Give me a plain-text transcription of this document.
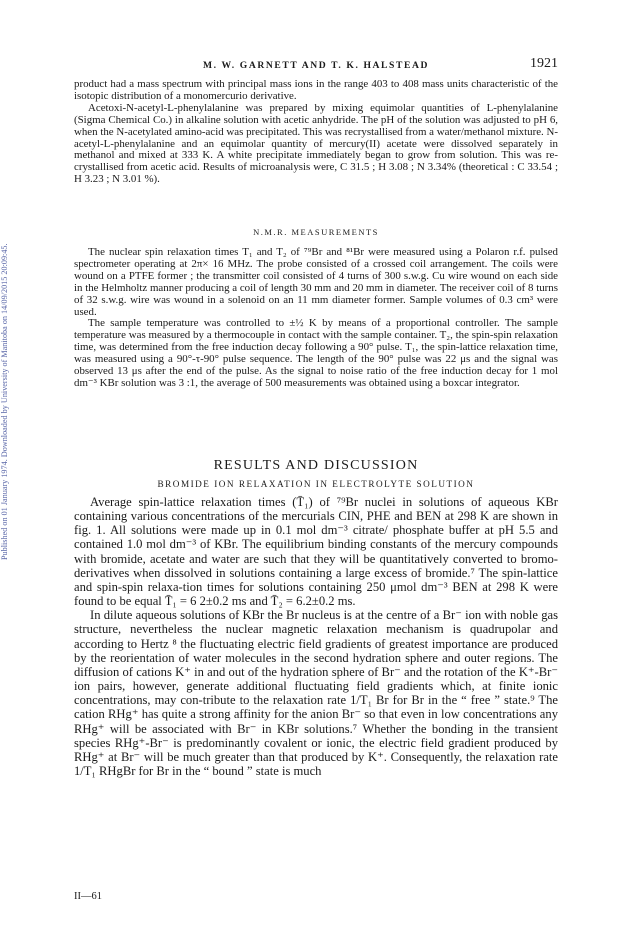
Published on 01 January 1974. Downloaded by University of Manitoba on 14/09/2015 20:09:45.
M. W. GARNETT AND T. K. HALSTEAD	1921

product had a mass spectrum with principal mass ions in the range 403 to 408 mass units characteristic of the isotopic distribution of a monomercurio derivative.

Acetoxi-N-acetyl-L-phenylalanine was prepared by mixing equimolar quantities of L-phenylalanine (Sigma Chemical Co.) in alkaline solution with acetic anhydride. The pH of the solution was adjusted to pH 6, when the N-acetylated amino-acid was precipitated. This was recrystallised from a water/methanol mixture. N-acetyl-L-phenylalanine and an equimolar quantity of mercury(II) acetate were dissolved separately in methanol and mixed at 333 K. A white precipitate immediately began to grow from solution. This was re-crystallised from acetic acid. Results of microanalysis were, C 31.5 ; H 3.08 ; N 3.34% (theoretical : C 33.54 ; H 3.23 ; N 3.01 %).

N.M.R. MEASUREMENTS

The nuclear spin relaxation times T₁ and T₂ of ⁷⁹Br and ⁸¹Br were measured using a Polaron r.f. pulsed spectrometer operating at 2π× 16 MHz. The probe consisted of a crossed coil arrangement. The coils were wound on a PTFE former ; the transmitter coil consisted of 4 turns of 300 s.w.g. Cu wire wound on each side in the Helmholtz manner producing a coil of length 30 mm and 20 mm in diameter. The receiver coil of 8 turns of 32 s.w.g. wire was wound in a solenoid on an 11 mm diameter former. Sample volumes of 0.3 cm³ were used.

The sample temperature was controlled to ±½ K by means of a proportional controller. The sample temperature was measured by a thermocouple in contact with the sample container. T₂, the spin-spin relaxation time, was determined from the free induction decay following a 90° pulse. T₁, the spin-lattice relaxation time, was measured using a 90°-τ-90° pulse sequence. The length of the 90° pulse was 22 μs and the signal was observed 13 μs after the end of the pulse. As the signal to noise ratio of the free induction decay for 1 mol dm⁻³ KBr solution was 3 :1, the average of 500 measurements was obtained using a boxcar integrator.

RESULTS AND DISCUSSION

BROMIDE ION RELAXATION IN ELECTROLYTE SOLUTION

Average spin-lattice relaxation times (T̄₁) of ⁷⁹Br nuclei in solutions of aqueous KBr containing various concentrations of the mercurials CIN, PHE and BEN at 298 K are shown in fig. 1. All solutions were made up in 0.1 mol dm⁻³ citrate/ phosphate buffer at pH 5.5 and contained 1.0 mol dm⁻³ of KBr. The equilibrium binding constants of the mercury compounds with bromide, acetate and water are such that they will be quantitatively converted to bromo-derivatives when dissolved in solutions containing a large excess of bromide.⁷ The spin-lattice and spin-spin relaxa-tion times for solutions containing 250 μmol dm⁻³ BEN at 298 K were found to be equal T̄₁ = 6 2±0.2 ms and T̄₂ = 6.2±0.2 ms.

In dilute aqueous solutions of KBr the Br nucleus is at the centre of a Br⁻ ion with noble gas structure, nevertheless the nuclear magnetic relaxation mechanism is quadrupolar and according to Hertz ⁸ the fluctuating electric field gradients of greatest importance are produced by the reorientation of water molecules in the second hydration sphere and outer regions. The diffusion of cations K⁺ in and out of the hydration sphere of Br⁻ and the rotation of the K⁺-Br⁻ ion pairs, however, generate additional fluctuating field gradients which, at finite ionic concentrations, may con-tribute to the relaxation rate 1/T₁ Br for Br in the “ free ” state.⁹ The cation RHg⁺ has quite a strong affinity for the anion Br⁻ so that even in low concentrations any RHg⁺ will be associated with Br⁻ in KBr solutions.⁷ Whether the bonding in the transient species RHg⁺-Br⁻ is predominantly covalent or ionic, the electric field gradient produced by RHg⁺ at Br⁻ will be much greater than that produced by K⁺. Consequently, the relaxation rate 1/T₁ RHgBr for Br in the “ bound ” state is much

II—61
